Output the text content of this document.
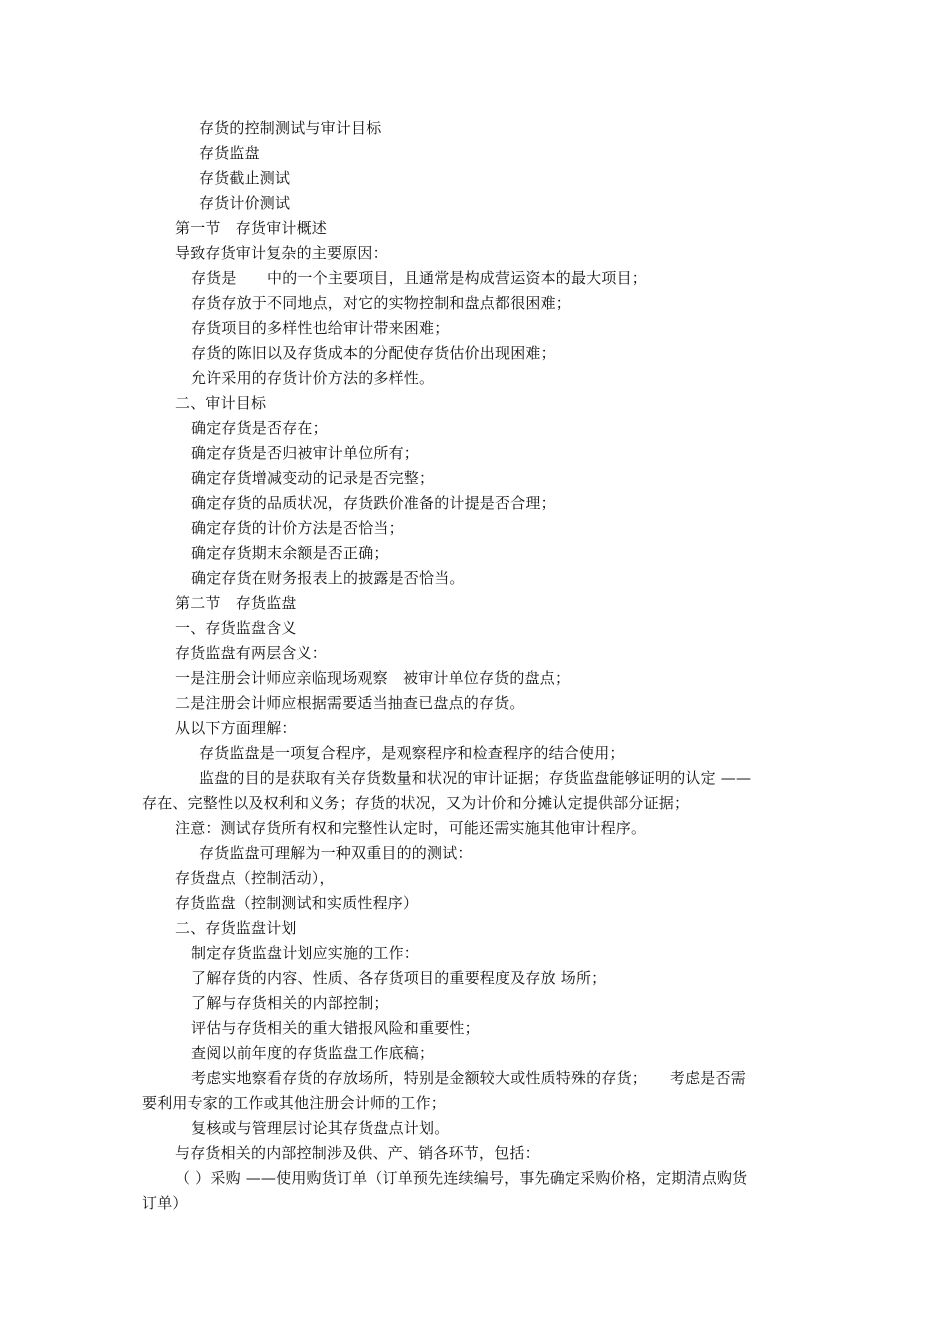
存货的控制测试与审计目标

存货监盘

存货截止测试

存货计价测试

第一节　存货审计概述

导致存货审计复杂的主要原因：

存货是　　中的一个主要项目，且通常是构成营运资本的最大项目；

存货存放于不同地点，对它的实物控制和盘点都很困难；

存货项目的多样性也给审计带来困难；

存货的陈旧以及存货成本的分配使存货估价出现困难；

允许采用的存货计价方法的多样性。

二、审计目标

确定存货是否存在；

确定存货是否归被审计单位所有；

确定存货增减变动的记录是否完整；

确定存货的品质状况，存货跌价准备的计提是否合理；

确定存货的计价方法是否恰当；

确定存货期末余额是否正确；

确定存货在财务报表上的披露是否恰当。

第二节　存货监盘

一、存货监盘含义

存货监盘有两层含义：

一是注册会计师应亲临现场观察　被审计单位存货的盘点；

二是注册会计师应根据需要适当抽查已盘点的存货。

从以下方面理解：

存货监盘是一项复合程序，是观察程序和检查程序的结合使用；

监盘的目的是获取有关存货数量和状况的审计证据；存货监盘能够证明的认定 ——

存在、完整性以及权利和义务；存货的状况，又为计价和分摊认定提供部分证据；

注意：测试存货所有权和完整性认定时，可能还需实施其他审计程序。

存货监盘可理解为一种双重目的的测试：

存货盘点（控制活动），

存货监盘（控制测试和实质性程序）

二、存货监盘计划

制定存货监盘计划应实施的工作：

了解存货的内容、性质、各存货项目的重要程度及存放 场所；

了解与存货相关的内部控制；

评估与存货相关的重大错报风险和重要性；

查阅以前年度的存货监盘工作底稿；

考虑实地察看存货的存放场所，特别是金额较大或性质特殊的存货；　　考虑是否需

要利用专家的工作或其他注册会计师的工作；

复核或与管理层讨论其存货盘点计划。

与存货相关的内部控制涉及供、产、销各环节，包括：

（ ）采购 ——使用购货订单（订单预先连续编号，事先确定采购价格，定期清点购货

订单）
